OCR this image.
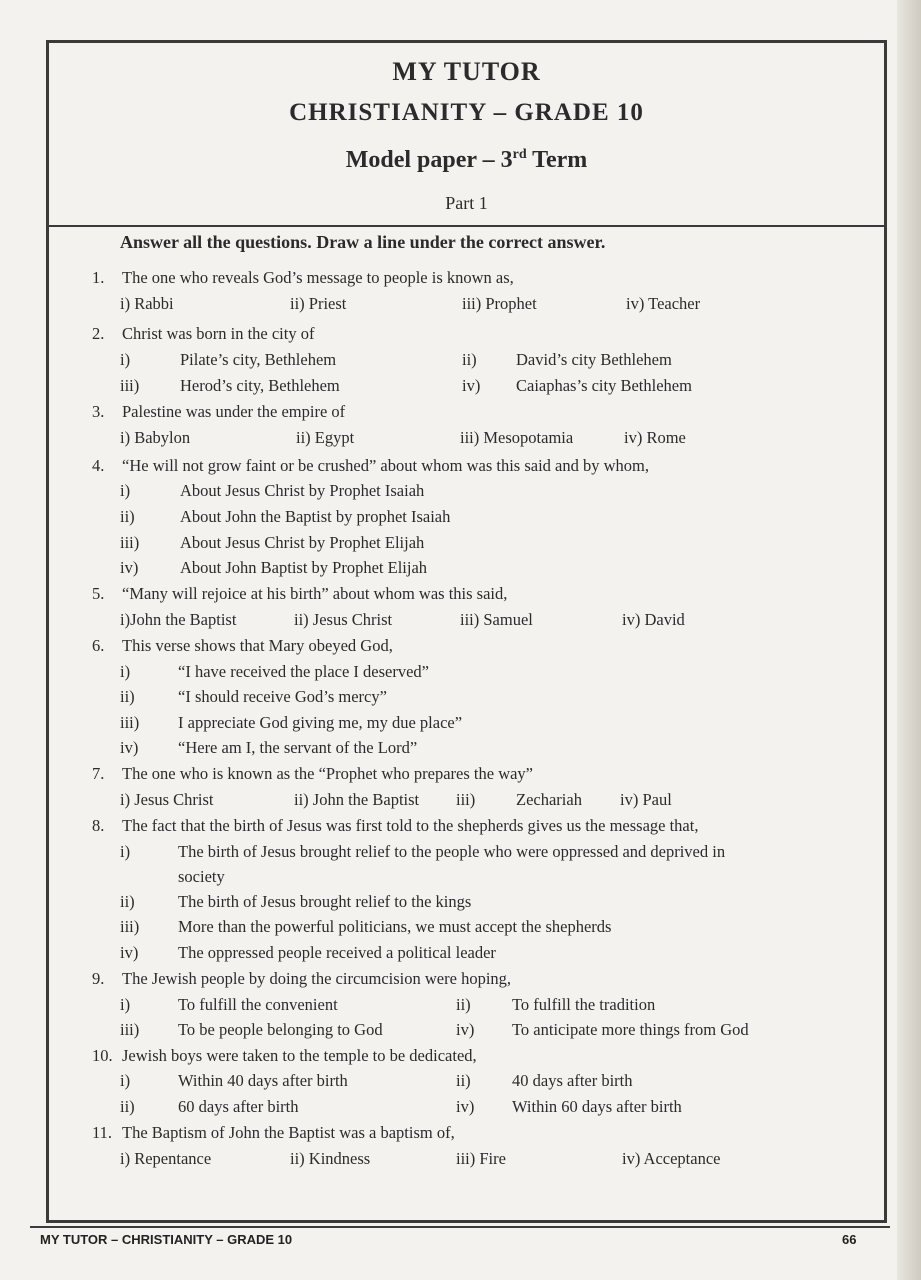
MY TUTOR
CHRISTIANITY – GRADE 10
Model paper – 3rd Term
Part 1
Answer all the questions. Draw a line under the correct answer.
1. The one who reveals God’s message to people is known as,
i) Rabbi	ii) Priest	iii) Prophet	iv) Teacher
2. Christ was born in the city of
i)	Pilate’s city, Bethlehem	ii) David’s city Bethlehem
iii) Herod’s city, Bethlehem	iv) Caiaphas’s city Bethlehem
3. Palestine was under the empire of
i) Babylon	ii) Egypt	iii) Mesopotamia	iv) Rome
4. “He will not grow faint or be crushed” about whom was this said and by whom,
i)	About Jesus Christ by Prophet Isaiah
ii)	About John the Baptist by prophet Isaiah
iii) About Jesus Christ by Prophet Elijah
iv)	About John Baptist by Prophet Elijah
5. “Many will rejoice at his birth” about whom was this said,
i)John the Baptist	ii) Jesus Christ	iii) Samuel	iv) David
6. This verse shows that Mary obeyed God,
i)	“I have received the place I deserved”
ii)	“I should receive God’s mercy”
iii) I appreciate God giving me, my due place”
iv) “Here am I, the servant of the Lord”
7. The one who is known as the “Prophet who prepares the way”
i) Jesus Christ	ii) John the Baptist iii) Zechariah iv) Paul
8. The fact that the birth of Jesus was first told to the shepherds gives us the message that,
i)	The birth of Jesus brought relief to the people who were oppressed and deprived in
society
ii)	The birth of Jesus brought relief to the kings
iii) More than the powerful politicians, we must accept the shepherds
iv) The oppressed people received a political leader
9. The Jewish people by doing the circumcision were hoping,
i)	To fulfill the convenient	ii)	To fulfill the tradition
iii) To be people belonging to God	iv) To anticipate more things from God
10. Jewish boys were taken to the temple to be dedicated,
i)	Within 40 days after birth	ii)	40 days after birth
ii)	60 days after birth	iv) Within 60 days after birth
11. The Baptism of John the Baptist was a baptism of,
i) Repentance	ii) Kindness	iii) Fire	iv) Acceptance
MY TUTOR – CHRISTIANITY – GRADE 10	66
